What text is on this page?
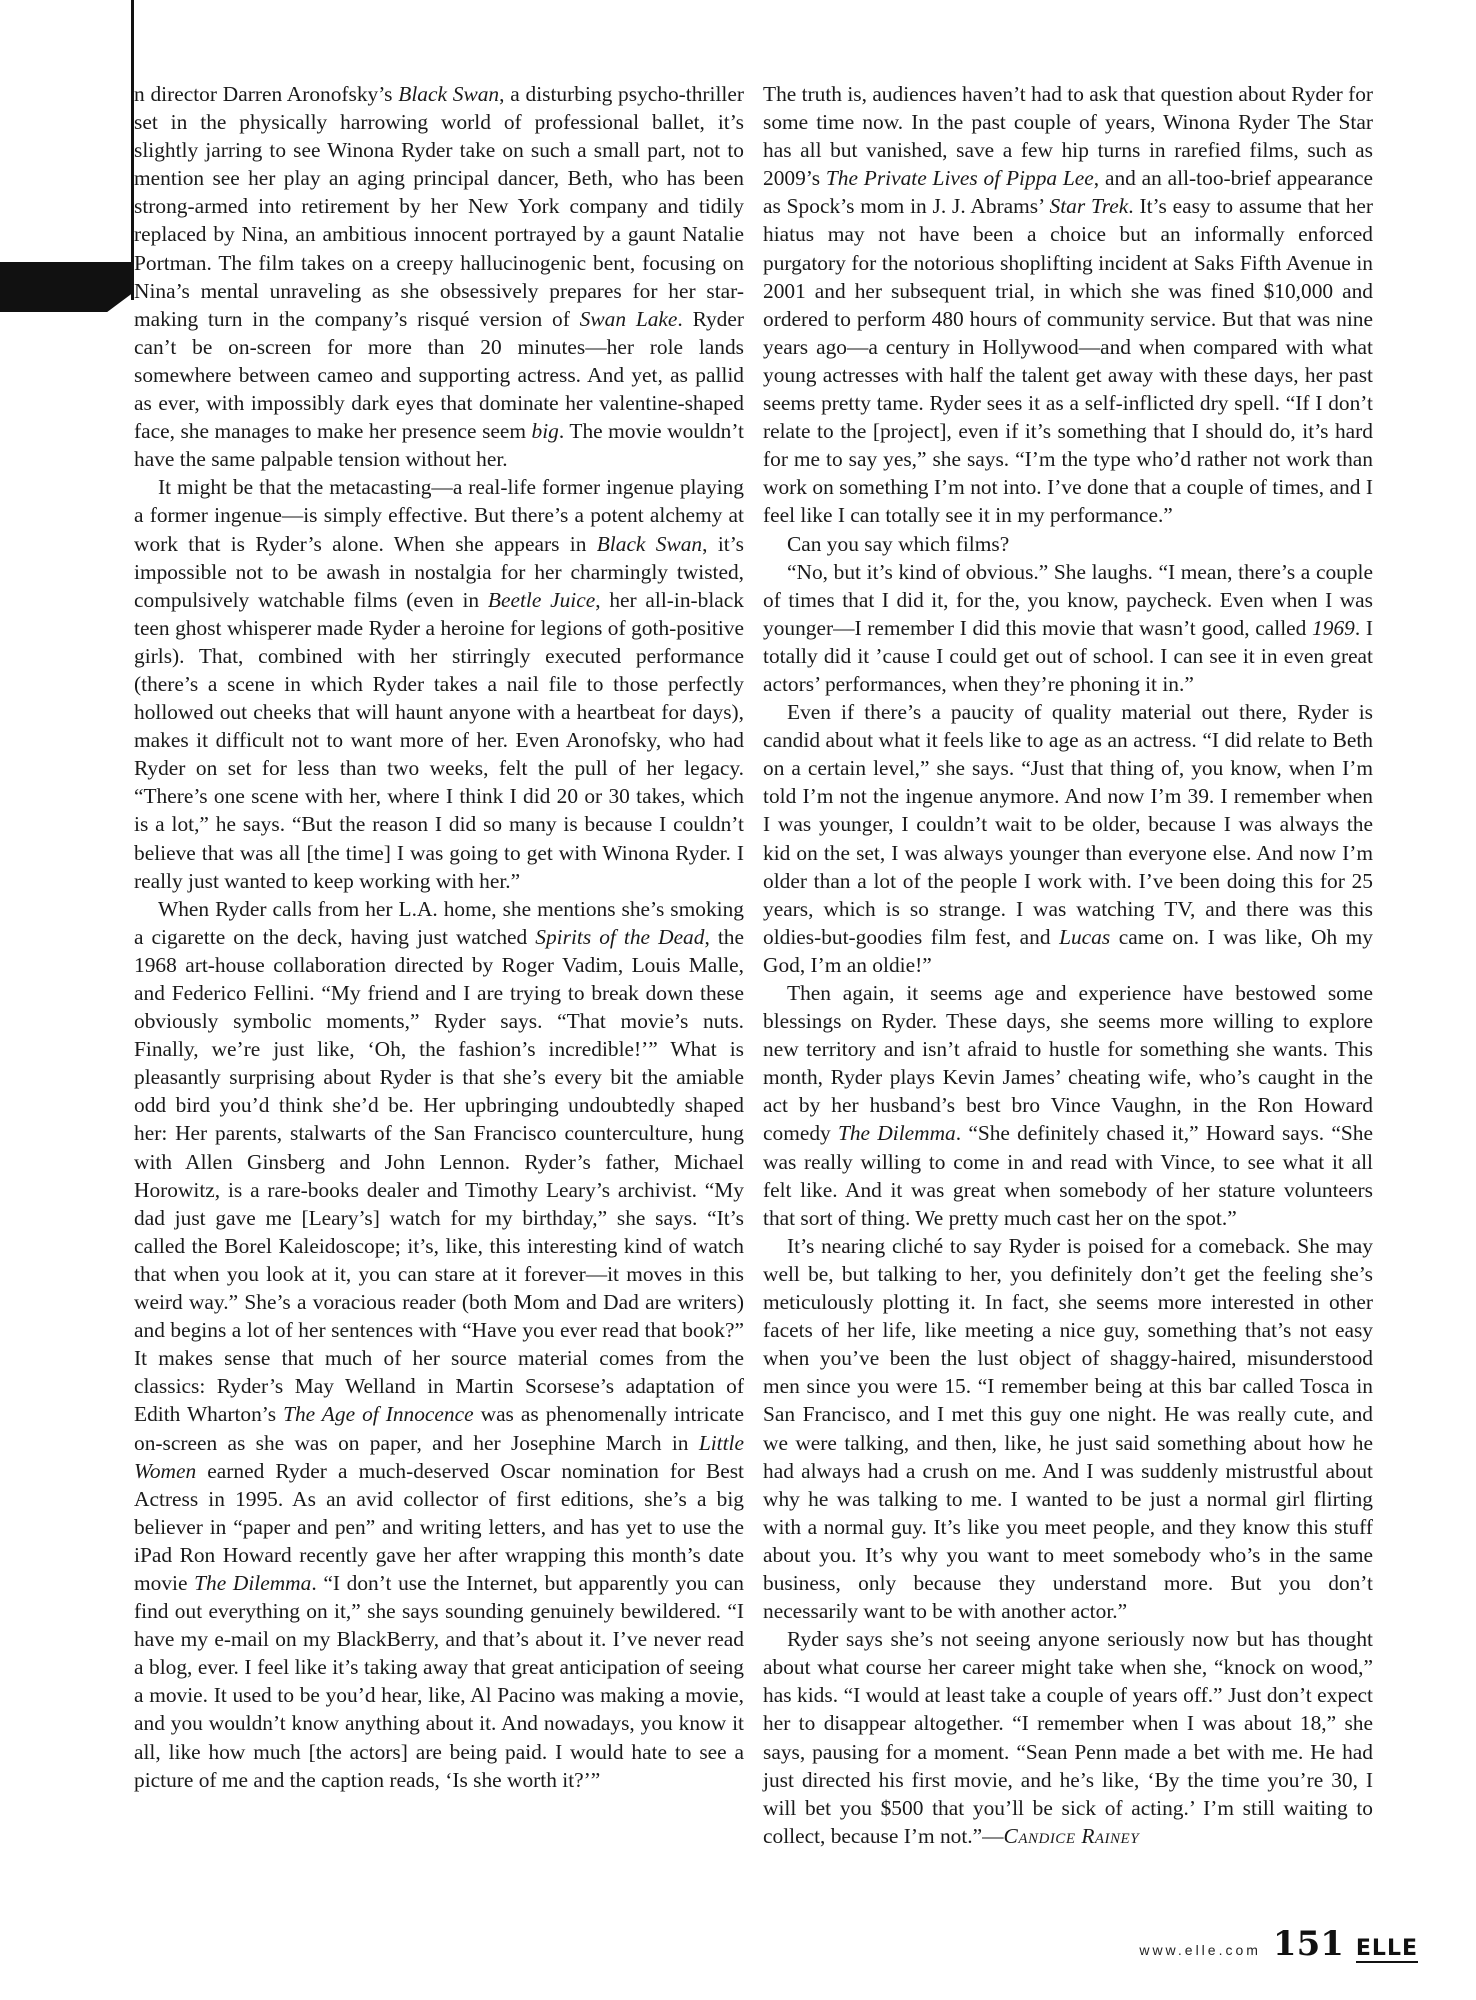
n director Darren Aronofsky’s Black Swan, a disturbing psycho-thriller set in the physically harrowing world of professional ballet, it’s slightly jarring to see Winona Ryder take on such a small part, not to mention see her play an aging principal dancer, Beth, who has been strong-armed into retirement by her New York company and tidily replaced by Nina, an ambitious innocent portrayed by a gaunt Natalie Portman. The film takes on a creepy hallucinogenic bent, focusing on Nina’s mental unraveling as she obsessively prepares for her star-making turn in the company’s risqué version of Swan Lake. Ryder can’t be on-screen for more than 20 minutes—her role lands somewhere between cameo and supporting actress. And yet, as pallid as ever, with impossibly dark eyes that dominate her valentine-shaped face, she manages to make her presence seem big. The movie wouldn’t have the same palpable tension without her.

It might be that the metacasting—a real-life former ingenue playing a former ingenue—is simply effective. But there’s a potent alchemy at work that is Ryder’s alone. When she appears in Black Swan, it’s impossible not to be awash in nostalgia for her charmingly twisted, compulsively watchable films (even in Beetle Juice, her all-in-black teen ghost whisperer made Ryder a heroine for legions of goth-positive girls). That, combined with her stirringly executed performance (there’s a scene in which Ryder takes a nail file to those perfectly hollowed out cheeks that will haunt anyone with a heartbeat for days), makes it difficult not to want more of her. Even Aronofsky, who had Ryder on set for less than two weeks, felt the pull of her legacy. “There’s one scene with her, where I think I did 20 or 30 takes, which is a lot,” he says. “But the reason I did so many is because I couldn’t believe that was all [the time] I was going to get with Winona Ryder. I really just wanted to keep working with her.”

When Ryder calls from her L.A. home, she mentions she’s smoking a cigarette on the deck, having just watched Spirits of the Dead, the 1968 art-house collaboration directed by Roger Vadim, Louis Malle, and Federico Fellini. “My friend and I are trying to break down these obviously symbolic moments,” Ryder says. “That movie’s nuts. Finally, we’re just like, ‘Oh, the fashion’s incredible!’” What is pleasantly surprising about Ryder is that she’s every bit the amiable odd bird you’d think she’d be. Her upbringing undoubtedly shaped her: Her parents, stalwarts of the San Francisco counterculture, hung with Allen Ginsberg and John Lennon. Ryder’s father, Michael Horowitz, is a rare-books dealer and Timothy Leary’s archivist. “My dad just gave me [Leary’s] watch for my birthday,” she says. “It’s called the Borel Kaleidoscope; it’s, like, this interesting kind of watch that when you look at it, you can stare at it forever—it moves in this weird way.” She’s a voracious reader (both Mom and Dad are writers) and begins a lot of her sentences with “Have you ever read that book?” It makes sense that much of her source material comes from the classics: Ryder’s May Welland in Martin Scorsese’s adaptation of Edith Wharton’s The Age of Innocence was as phenomenally intricate on-screen as she was on paper, and her Josephine March in Little Women earned Ryder a much-deserved Oscar nomination for Best Actress in 1995. As an avid collector of first editions, she’s a big believer in “paper and pen” and writing letters, and has yet to use the iPad Ron Howard recently gave her after wrapping this month’s date movie The Dilemma. “I don’t use the Internet, but apparently you can find out everything on it,” she says sounding genuinely bewildered. “I have my e-mail on my BlackBerry, and that’s about it. I’ve never read a blog, ever. I feel like it’s taking away that great anticipation of seeing a movie. It used to be you’d hear, like, Al Pacino was making a movie, and you wouldn’t know anything about it. And nowadays, you know it all, like how much [the actors] are being paid. I would hate to see a picture of me and the caption reads, ‘Is she worth it?’”

The truth is, audiences haven’t had to ask that question about Ryder for some time now. In the past couple of years, Winona Ryder The Star has all but vanished, save a few hip turns in rarefied films, such as 2009’s The Private Lives of Pippa Lee, and an all-too-brief appearance as Spock’s mom in J. J. Abrams’ Star Trek. It’s easy to assume that her hiatus may not have been a choice but an informally enforced purgatory for the notorious shoplifting incident at Saks Fifth Avenue in 2001 and her subsequent trial, in which she was fined $10,000 and ordered to perform 480 hours of community service. But that was nine years ago—a century in Hollywood—and when compared with what young actresses with half the talent get away with these days, her past seems pretty tame. Ryder sees it as a self-inflicted dry spell. “If I don’t relate to the [project], even if it’s something that I should do, it’s hard for me to say yes,” she says. “I’m the type who’d rather not work than work on something I’m not into. I’ve done that a couple of times, and I feel like I can totally see it in my performance.”

Can you say which films?

“No, but it’s kind of obvious.” She laughs. “I mean, there’s a couple of times that I did it, for the, you know, paycheck. Even when I was younger—I remember I did this movie that wasn’t good, called 1969. I totally did it ’cause I could get out of school. I can see it in even great actors’ performances, when they’re phoning it in.”

Even if there’s a paucity of quality material out there, Ryder is candid about what it feels like to age as an actress. “I did relate to Beth on a certain level,” she says. “Just that thing of, you know, when I’m told I’m not the ingenue anymore. And now I’m 39. I remember when I was younger, I couldn’t wait to be older, because I was always the kid on the set, I was always younger than everyone else. And now I’m older than a lot of the people I work with. I’ve been doing this for 25 years, which is so strange. I was watching TV, and there was this oldies-but-goodies film fest, and Lucas came on. I was like, Oh my God, I’m an oldie!”

Then again, it seems age and experience have bestowed some blessings on Ryder. These days, she seems more willing to explore new territory and isn’t afraid to hustle for something she wants. This month, Ryder plays Kevin James’ cheating wife, who’s caught in the act by her husband’s best bro Vince Vaughn, in the Ron Howard comedy The Dilemma. “She definitely chased it,” Howard says. “She was really willing to come in and read with Vince, to see what it all felt like. And it was great when somebody of her stature volunteers that sort of thing. We pretty much cast her on the spot.”

It’s nearing cliché to say Ryder is poised for a comeback. She may well be, but talking to her, you definitely don’t get the feeling she’s meticulously plotting it. In fact, she seems more interested in other facets of her life, like meeting a nice guy, something that’s not easy when you’ve been the lust object of shaggy-haired, misunderstood men since you were 15. “I remember being at this bar called Tosca in San Francisco, and I met this guy one night. He was really cute, and we were talking, and then, like, he just said something about how he had always had a crush on me. And I was suddenly mistrustful about why he was talking to me. I wanted to be just a normal girl flirting with a normal guy. It’s like you meet people, and they know this stuff about you. It’s why you want to meet somebody who’s in the same business, only because they understand more. But you don’t necessarily want to be with another actor.”

Ryder says she’s not seeing anyone seriously now but has thought about what course her career might take when she, “knock on wood,” has kids. “I would at least take a couple of years off.” Just don’t expect her to disappear altogether. “I remember when I was about 18,” she says, pausing for a moment. “Sean Penn made a bet with me. He had just directed his first movie, and he’s like, ‘By the time you’re 30, I will bet you $500 that you’ll be sick of acting.’ I’m still waiting to collect, because I’m not.”—Candice Rainey

www.elle.com 151 ELLE
